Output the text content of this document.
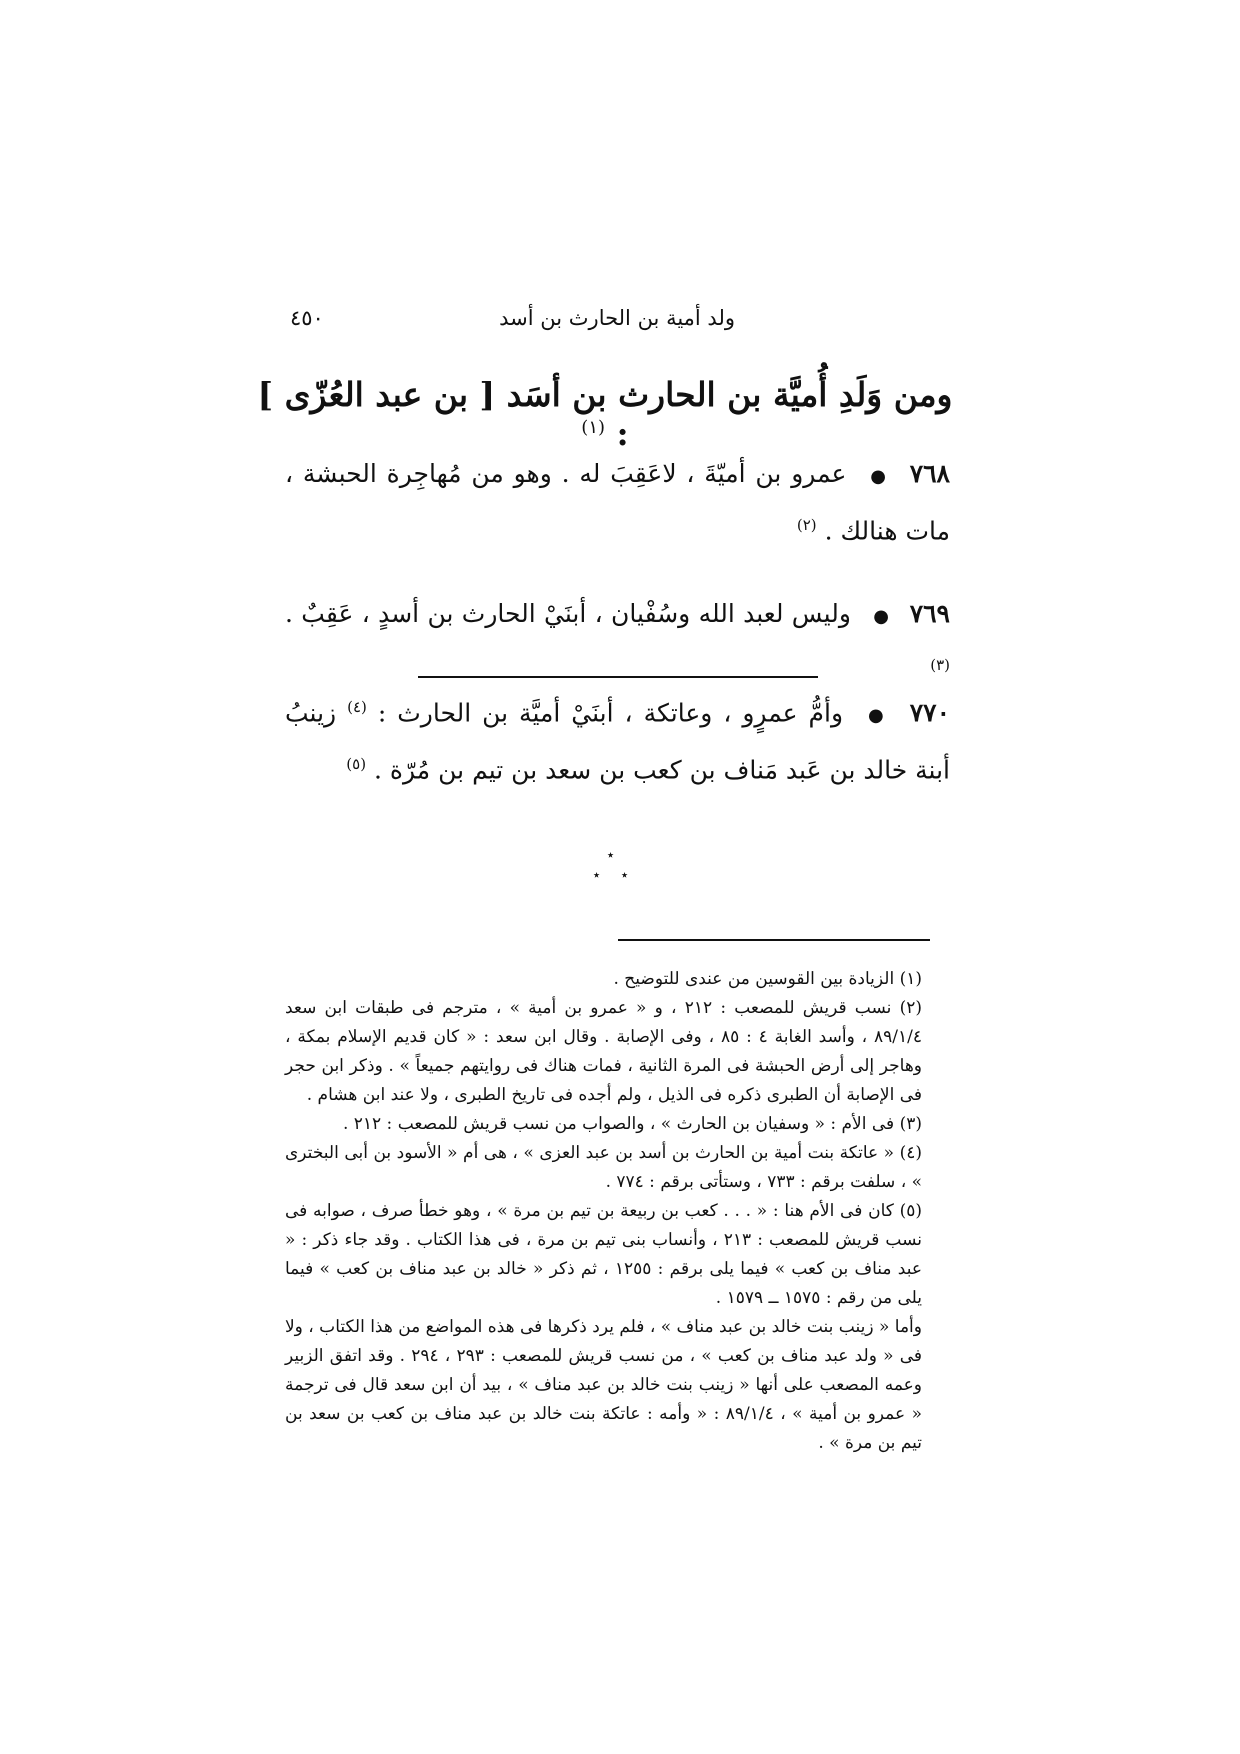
٤٥٠	ولد أمية بن الحارث بن أسد
ومن وَلَدِ أُميَّة بن الحارث بن أسَد [ بن عبد العُزّى ] : $^{(١)}$
٧٦٨ ● عمرو بن أميّةَ ، لاعَقِبَ له . وهو من مُهاجِرة الحبشة ، مات هنالك . $^{(٢)}$
٧٦٩ ● وليس لعبد الله وسُفْيان ، أبنَيْ الحارث بن أسدٍ ، عَقِبٌ . $^{(٣)}$
٧٧٠ ● وأمُّ عمرٍو ، وعاتكة ، أبنَيْ أميَّة بن الحارث : $^{(٤)}$ زينبُ أبنة خالد بن عَبد مَناف بن كعب بن سعد بن تيم بن مُرّة . $^{(٥)}$
٭
٭ ٭

(١) الزيادة بين القوسين من عندى للتوضيح .

(٢) نسب قريش للمصعب : ٢١٢ ، و « عمرو بن أمية » ، مترجم فى طبقات ابن سعد ٨٩/١/٤ ، وأسد الغابة ٤ : ٨٥ ، وفى الإصابة . وقال ابن سعد : « كان قديم الإسلام بمكة ، وهاجر إلى أرض الحبشة فى المرة الثانية ، فمات هناك فى روايتهم جميعاً » . وذكر ابن حجر فى الإصابة أن الطبرى ذكره فى الذيل ، ولم أجده فى تاريخ الطبرى ، ولا عند ابن هشام .

(٣) فى الأم : « وسفيان بن الحارث » ، والصواب من نسب قريش للمصعب : ٢١٢ .

(٤) « عاتكة بنت أمية بن الحارث بن أسد بن عبد العزى » ، هى أم « الأسود بن أبى البخترى » ، سلفت برقم : ٧٣٣ ، وستأتى برقم : ٧٧٤ .

(٥) كان فى الأم هنا : « . . . كعب بن ربيعة بن تيم بن مرة » ، وهو خطأ صرف ، صوابه فى نسب قريش للمصعب : ٢١٣ ، وأنساب بنى تيم بن مرة ، فى هذا الكتاب . وقد جاء ذكر : « عبد مناف بن كعب » فيما يلى برقم : ١٢٥٥ ، ثم ذكر « خالد بن عبد مناف بن كعب » فيما يلى من رقم : ١٥٧٥ ــ ١٥٧٩ .

وأما « زينب بنت خالد بن عبد مناف » ، فلم يرد ذكرها فى هذه المواضع من هذا الكتاب ، ولا فى « ولد عبد مناف بن كعب » ، من نسب قريش للمصعب : ٢٩٣ ، ٢٩٤ . وقد اتفق الزبير وعمه المصعب على أنها « زينب بنت خالد بن عبد مناف » ، بيد أن ابن سعد قال فى ترجمة « عمرو بن أمية » ، ٨٩/١/٤ : « وأمه : عاتكة بنت خالد بن عبد مناف بن كعب بن سعد بن تيم بن مرة » .
